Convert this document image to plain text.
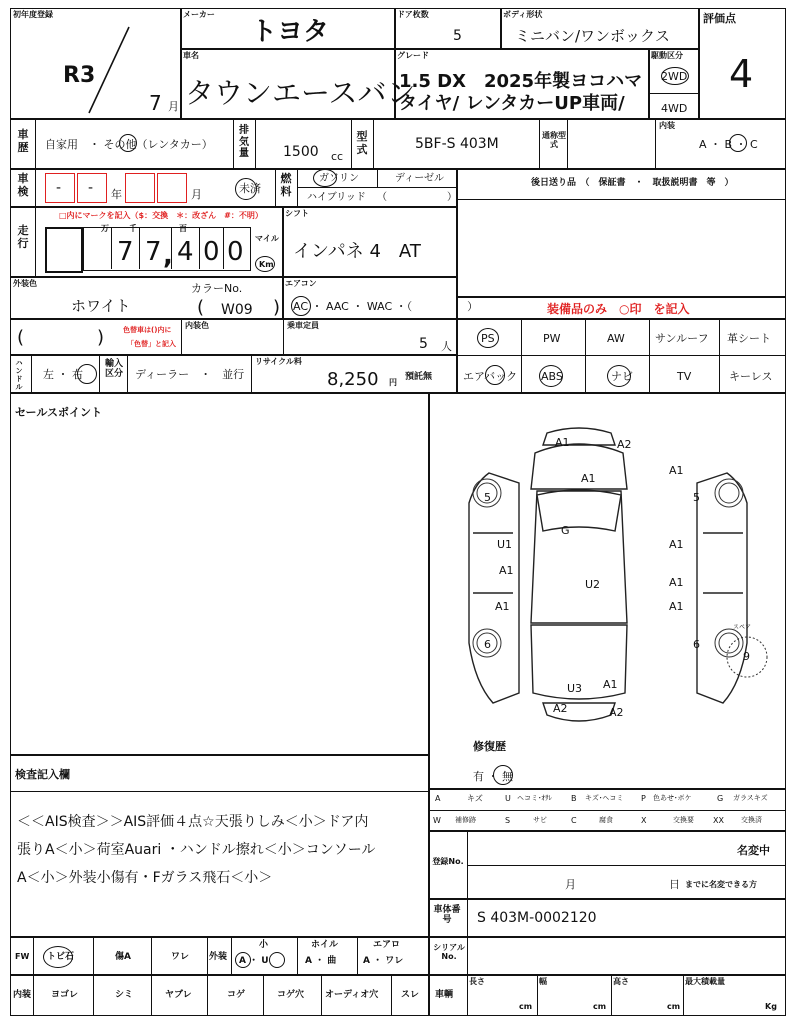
初年度登録
R3
7 月
メーカー
トヨタ
ドア枚数
5
ボディ形状
ミニバン/ワンボックス
評価点
4
車名
タウンエースバン
グレード
1.5 DX　2025年製ヨコハマ
タイヤ/ レンタカーUP車両/
駆動区分
2WD
4WD
車歴 自家用　・ その他（レンタカー）
排気量 1500 cc
型式	5BF-S 403M
通称型式
内装
A ・ B ・ C
車検 - - 年	月	未済
燃料
ガソリン	ディーゼル
ハイブリッド （　　　　　　）
後日送り品　（　保証書　・　取扱説明書　等　）
走行
□内にマークを記入（$：交換　＊：改ざん　#：不明）
万	千	百
7 7 , 4 0 0 マイル
Km
シフト
インパネ 4　AT
外装色
ホワイト
カラーNo.
( W09 )
エアコン
AC ・ AAC ・ WAC ・（　　　　　）	装備品のみ　○印　を記入
(	)	色替車は()内に
「色替」と記入
内装色	乗車定員
5 人
PS	PW	AW	サンルーフ 革シート
エアバック ABS	ナビ	TV	キーレス
ハンドル
左 ・ 右
輸入区分	ディーラー　・　並行
リサイクル料
8,250 円
預託無
セールスポイント
A1	A2
A1
A1
5	5
G
U1
A1
A1
U2	A1
A1	A1
6	6
U3 A1
A2	A2
スペア
9
修復歴
有 ・ 無
検査記入欄
＜＜AIS検査＞＞AIS評価４点☆天張りしみ＜小＞ドア内
張りA＜小＞荷室Auari ・ハンドル擦れ＜小＞コンソール
A＜小＞外装小傷有・Fガラス飛石＜小＞
A	キズ	U ヘコミ･ｵｻﾚ B キズ･ヘコミ P 色あせ･ボケ	G ガラスキズ
W 補修跡	S	サビ	C	腐食	X	交換要 XX 交換済
登録No.
名変中
月	日 までに名変できる方
車体番号	S 403M-0002120
FW トビ石	傷A	ワレ 外装
小
A ・ U
ホイル
A ・ 曲
エアロ
A ・ ワレ
シリアルNo.
内装 ヨゴレ	シミ	ヤブレ	コゲ	コゲ穴 オーディオ穴	スレ 車輌
長さ
cm
幅
cm
高さ
cm
最大積載量
Kg
